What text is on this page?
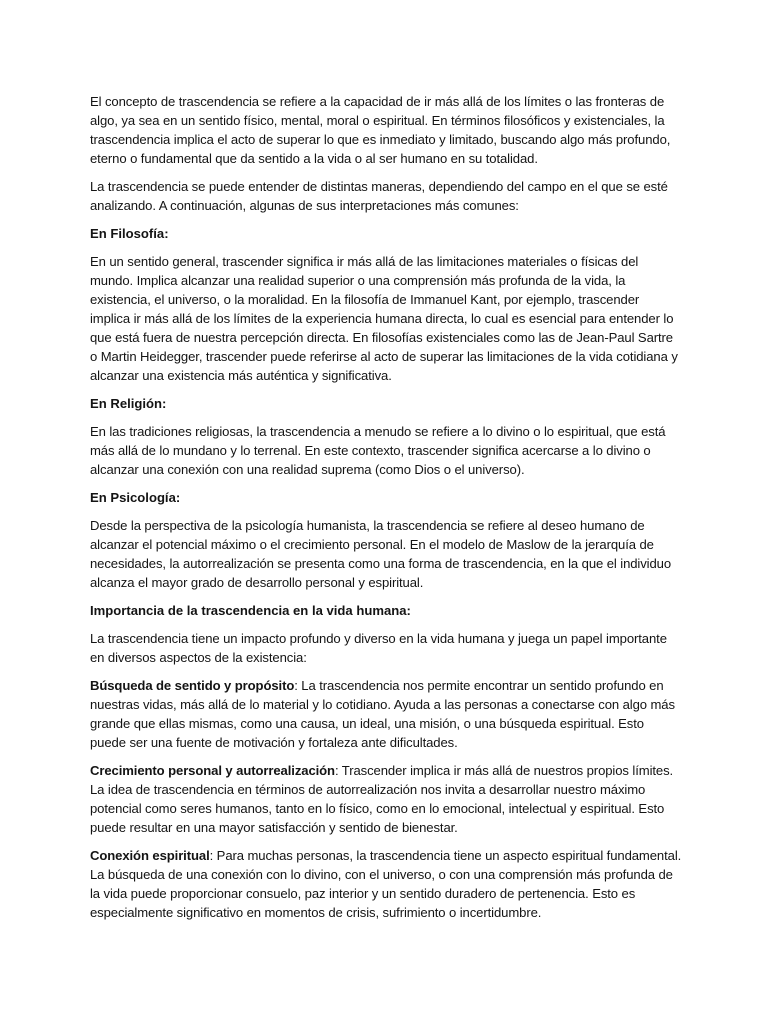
El concepto de trascendencia se refiere a la capacidad de ir más allá de los límites o las fronteras de algo, ya sea en un sentido físico, mental, moral o espiritual. En términos filosóficos y existenciales, la trascendencia implica el acto de superar lo que es inmediato y limitado, buscando algo más profundo, eterno o fundamental que da sentido a la vida o al ser humano en su totalidad.

La trascendencia se puede entender de distintas maneras, dependiendo del campo en el que se esté analizando. A continuación, algunas de sus interpretaciones más comunes:

En Filosofía:

En un sentido general, trascender significa ir más allá de las limitaciones materiales o físicas del mundo. Implica alcanzar una realidad superior o una comprensión más profunda de la vida, la existencia, el universo, o la moralidad. En la filosofía de Immanuel Kant, por ejemplo, trascender implica ir más allá de los límites de la experiencia humana directa, lo cual es esencial para entender lo que está fuera de nuestra percepción directa. En filosofías existenciales como las de Jean-Paul Sartre o Martin Heidegger, trascender puede referirse al acto de superar las limitaciones de la vida cotidiana y alcanzar una existencia más auténtica y significativa.

En Religión:

En las tradiciones religiosas, la trascendencia a menudo se refiere a lo divino o lo espiritual, que está más allá de lo mundano y lo terrenal. En este contexto, trascender significa acercarse a lo divino o alcanzar una conexión con una realidad suprema (como Dios o el universo).

En Psicología:

Desde la perspectiva de la psicología humanista, la trascendencia se refiere al deseo humano de alcanzar el potencial máximo o el crecimiento personal. En el modelo de Maslow de la jerarquía de necesidades, la autorrealización se presenta como una forma de trascendencia, en la que el individuo alcanza el mayor grado de desarrollo personal y espiritual.

Importancia de la trascendencia en la vida humana:

La trascendencia tiene un impacto profundo y diverso en la vida humana y juega un papel importante en diversos aspectos de la existencia:

Búsqueda de sentido y propósito: La trascendencia nos permite encontrar un sentido profundo en nuestras vidas, más allá de lo material y lo cotidiano. Ayuda a las personas a conectarse con algo más grande que ellas mismas, como una causa, un ideal, una misión, o una búsqueda espiritual. Esto puede ser una fuente de motivación y fortaleza ante dificultades.

Crecimiento personal y autorrealización: Trascender implica ir más allá de nuestros propios límites. La idea de trascendencia en términos de autorrealización nos invita a desarrollar nuestro máximo potencial como seres humanos, tanto en lo físico, como en lo emocional, intelectual y espiritual. Esto puede resultar en una mayor satisfacción y sentido de bienestar.

Conexión espiritual: Para muchas personas, la trascendencia tiene un aspecto espiritual fundamental. La búsqueda de una conexión con lo divino, con el universo, o con una comprensión más profunda de la vida puede proporcionar consuelo, paz interior y un sentido duradero de pertenencia. Esto es especialmente significativo en momentos de crisis, sufrimiento o incertidumbre.
